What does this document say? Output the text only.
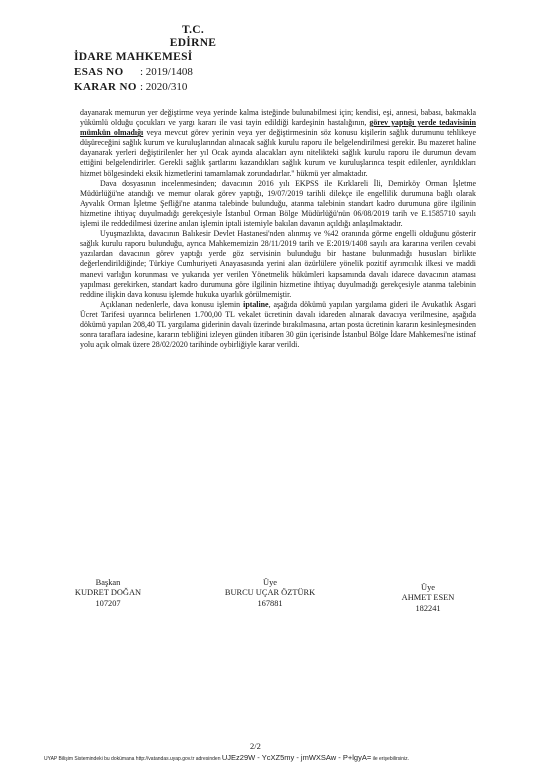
T.C.
EDİRNE
İDARE MAHKEMESİ
ESAS NO : 2019/1408
KARAR NO : 2020/310

dayanarak memurun yer değiştirme veya yerinde kalma isteğinde bulunabilmesi için; kendisi, eşi, annesi, babası, bakmakla yükümlü olduğu çocukları ve yargı kararı ile vasi tayin edildiği kardeşinin hastalığının, görev yaptığı yerde tedavisinin mümkün olmadığı veya mevcut görev yerinin veya yer değiştirmesinin söz konusu kişilerin sağlık durumunu tehlikeye düşüreceğini sağlık kurum ve kuruluşlarından alınacak sağlık kurulu raporu ile belgelendirilmesi gerekir. Bu mazeret haline dayanarak yerleri değiştirilenler her yıl Ocak ayında alacakları aynı nitelikteki sağlık kurulu raporu ile durumun devam ettiğini belgelendirirler. Gerekli sağlık şartlarını kazandıkları sağlık kurum ve kuruluşlarınca tespit edilenler, ayrıldıkları hizmet bölgesindeki eksik hizmetlerini tamamlamak zorundadırlar." hükmü yer almaktadır.

Dava dosyasının incelenmesinden; davacının 2016 yılı EKPSS ile Kırklareli İli, Demirköy Orman İşletme Müdürlüğü'ne atandığı ve memur olarak görev yaptığı, 19/07/2019 tarihli dilekçe ile engellilik durumuna bağlı olarak Ayvalık Orman İşletme Şefliği'ne atanma talebinde bulunduğu, atanma talebinin standart kadro durumuna göre ilgilinin hizmetine ihtiyaç duyulmadığı gerekçesiyle İstanbul Orman Bölge Müdürlüğü'nün 06/08/2019 tarih ve E.1585710 sayılı işlemi ile reddedilmesi üzerine anılan işlemin iptali istemiyle bakılan davanın açıldığı anlaşılmaktadır.

Uyuşmazlıkta, davacının Balıkesir Devlet Hastanesi'nden alınmış ve %42 oranında görme engelli olduğunu gösterir sağlık kurulu raporu bulunduğu, ayrıca Mahkememizin 28/11/2019 tarih ve E:2019/1408 sayılı ara kararına verilen cevabi yazılardan davacının görev yaptığı yerde göz servisinin bulunduğu bir hastane bulunmadığı hususları birlikte değerlendirildiğinde; Türkiye Cumhuriyeti Anayasasında yerini alan özürlülere yönelik pozitif ayrımcılık ilkesi ve maddi manevi varlığın korunması ve yukarıda yer verilen Yönetmelik hükümleri kapsamında davalı idarece davacının ataması yapılması gerekirken, standart kadro durumuna göre ilgilinin hizmetine ihtiyaç duyulmadığı gerekçesiyle atanma talebinin reddine ilişkin dava konusu işlemde hukuka uyarlık görülmemiştir.

Açıklanan nedenlerle, dava konusu işlemin iptaline, aşağıda dökümü yapılan yargılama gideri ile Avukatlık Asgari Ücret Tarifesi uyarınca belirlenen 1.700,00 TL vekalet ücretinin davalı idareden alınarak davacıya verilmesine, aşağıda dökümü yapılan 208,40 TL yargılama giderinin davalı üzerinde bırakılmasına, artan posta ücretinin kararın kesinleşmesinden sonra taraflara iadesine, kararın tebliğini izleyen günden itibaren 30 gün içerisinde İstanbul Bölge İdare Mahkemesi'ne istinaf yolu açık olmak üzere 28/02/2020 tarihinde oybirliğiyle karar verildi.

Başkan
KUDRET DOĞAN
107207
Üye
BURCU UÇAR ÖZTÜRK
167881
Üye
AHMET ESEN
182241
2/2
UYAP Bilişim Sistemindeki bu dokümana http://vatandas.uyap.gov.tr adresinden UJEz29W - YcXZ5my - jmWXSAw - P+lgyA= ile erişebilirsiniz.
